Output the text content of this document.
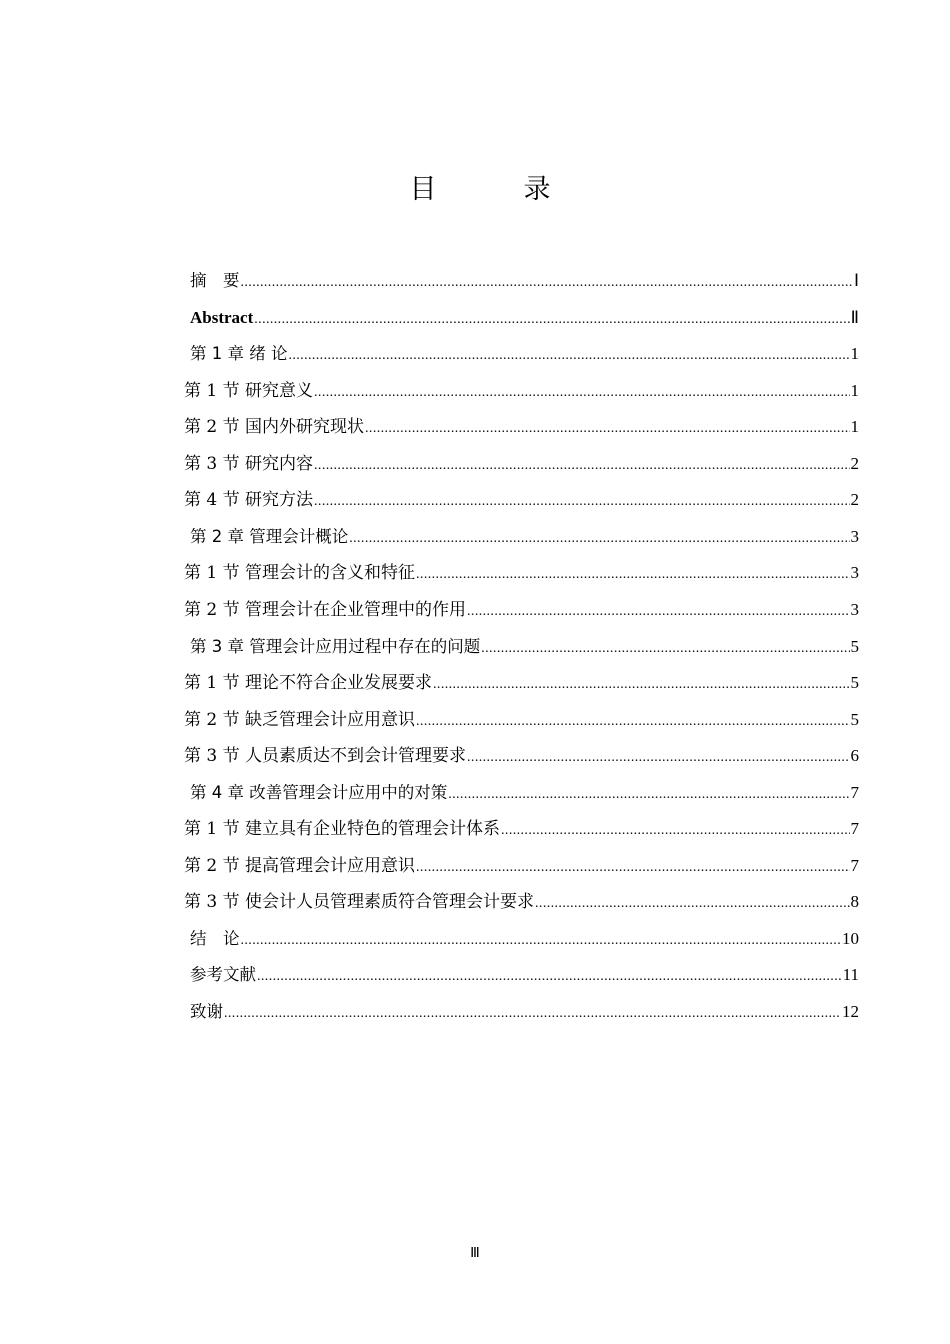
目　录
摘　要 .....	Ⅰ
Abstract .....	Ⅱ
第 1 章 绪 论 .....	1
第 1 节 研究意义 .....	1
第 2 节 国内外研究现状 .....	1
第 3 节 研究内容 .....	2
第 4 节 研究方法 .....	2
第 2 章 管理会计概论 .....	3
第 1 节 管理会计的含义和特征 .....	3
第 2 节 管理会计在企业管理中的作用 .....	3
第 3 章 管理会计应用过程中存在的问题 .....	5
第 1 节 理论不符合企业发展要求 .....	5
第 2 节 缺乏管理会计应用意识 .....	5
第 3 节 人员素质达不到会计管理要求 .....	6
第 4 章 改善管理会计应用中的对策 .....	7
第 1 节 建立具有企业特色的管理会计体系 .....	7
第 2 节 提高管理会计应用意识 .....	7
第 3 节 使会计人员管理素质符合管理会计要求 .....	8
结　论 .....	10
参考文献 .....	11
致谢 .....	12
Ⅲ
